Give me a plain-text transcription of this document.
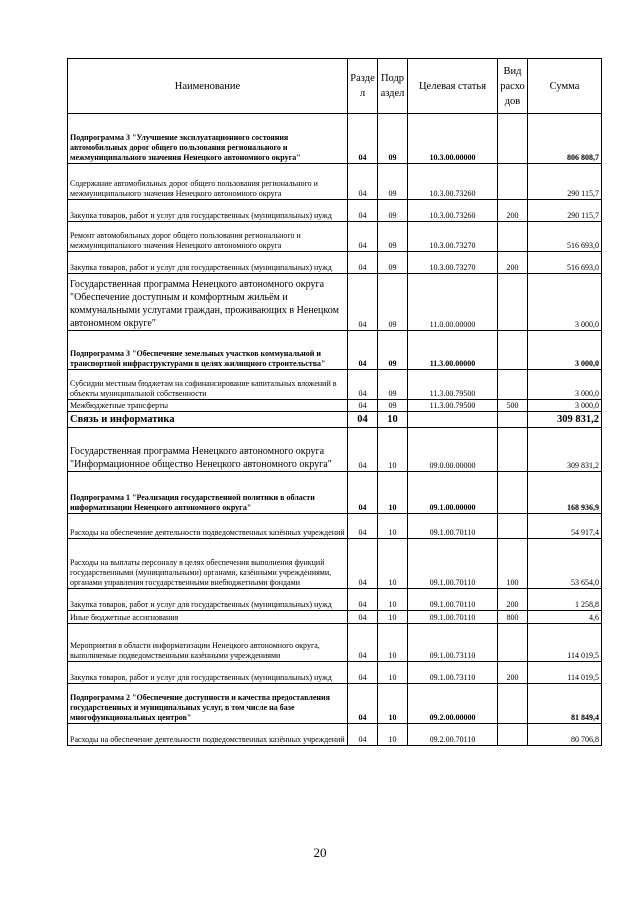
Наименование	Разде л	Подр аздел	Целевая статья	Вид расхо дов	Сумма
Подпрограмма 3 "Улучшение эксплуатационного состояния автомобильных дорог общего пользования регионального и межмуниципального значения Ненецкого автономного округа"	04	09	10.3.00.00000		806 808,7
Содержание автомобильных дорог общего пользования регионального и межмуниципального значения Ненецкого автономного округа	04	09	10.3.00.73260		290 115,7
Закупка товаров, работ и услуг для государственных (муниципальных) нужд	04	09	10.3.00.73260	200	290 115,7
Ремонт автомобильных дорог общего пользования регионального и межмуниципального значения Ненецкого автономного округа	04	09	10.3.00.73270		516 693,0
Закупка товаров, работ и услуг для государственных (муниципальных) нужд	04	09	10.3.00.73270	200	516 693,0
Государственная программа Ненецкого автономного округа "Обеспечение доступным и комфортным жильём и коммунальными услугами граждан, проживающих в Ненецком автономном округе"	04	09	11.0.00.00000		3 000,0
Подпрограмма 3 "Обеспечение земельных участков коммунальной и транспортной инфраструктурами в целях жилищного строительства"	04	09	11.3.00.00000		3 000,0
Субсидии местным бюджетам на софинансирование капитальных вложений в объекты муниципальной собственности	04	09	11.3.00.79500		3 000,0
Межбюджетные трансферты	04	09	11.3.00.79500	500	3 000,0
Связь и информатика	04	10			309 831,2
Государственная программа Ненецкого автономного округа "Информационное общество Ненецкого автономного округа"	04	10	09.0.00.00000		309 831,2
Подпрограмма 1 "Реализация государственной политики в области информатизации Ненецкого автономного округа"	04	10	09.1.00.00000		168 936,9
Расходы на обеспечение деятельности подведомственных казённых учреждений	04	10	09.1.00.70110		54 917,4
Расходы на выплаты персоналу в целях обеспечения выполнения функций государственными (муниципальными) органами, казёнными учреждениями, органами управления государственными внебюджетными фондами	04	10	09.1.00.70110	100	53 654,0
Закупка товаров, работ и услуг для государственных (муниципальных) нужд	04	10	09.1.00.70110	200	1 258,8
Иные бюджетные ассигнования	04	10	09.1.00.70110	800	4,6
Мероприятия в области информатизации Ненецкого автономного округа, выполняемые подведомственными казёнными учреждениями	04	10	09.1.00.73110		114 019,5
Закупка товаров, работ и услуг для государственных (муниципальных) нужд	04	10	09.1.00.73110	200	114 019,5
Подпрограмма 2 "Обеспечение доступности и качества предоставления государственных и муниципальных услуг, в том числе на базе многофункциональных центров"	04	10	09.2.00.00000		81 849,4
Расходы на обеспечение деятельности подведомственных казённых учреждений	04	10	09.2.00.70110		80 706,8
20
